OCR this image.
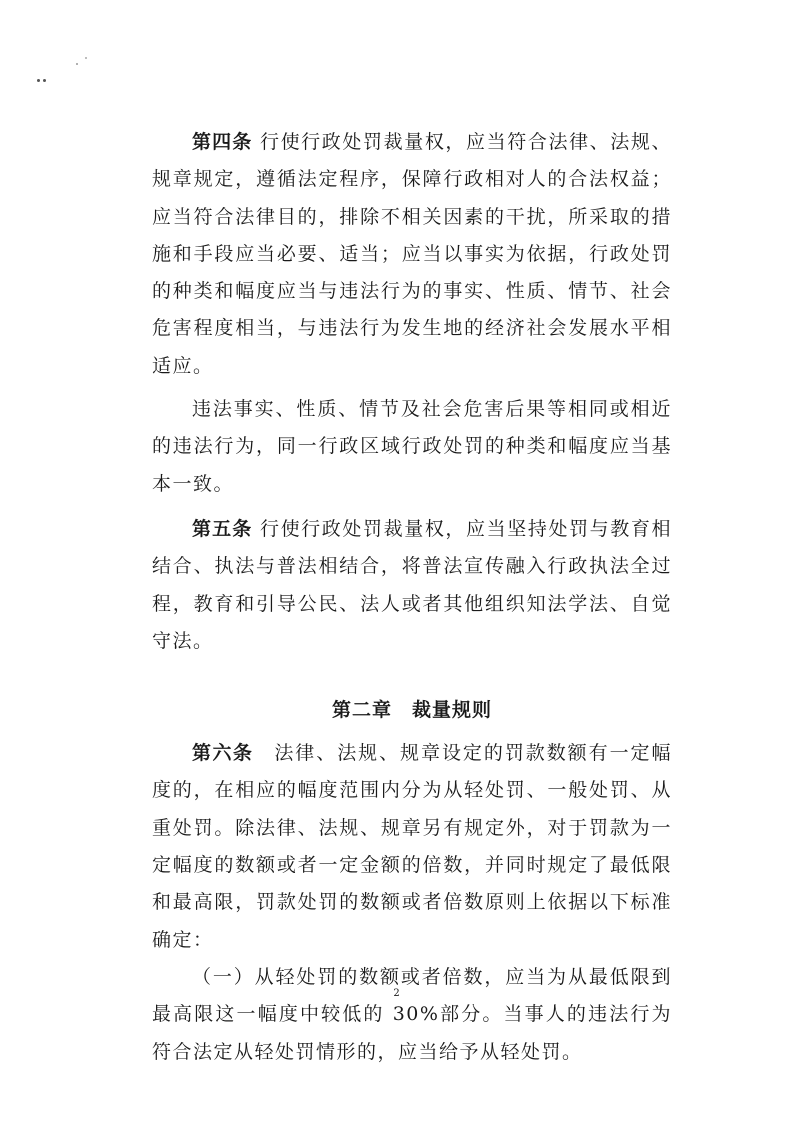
第四条 行使行政处罚裁量权，应当符合法律、法规、规章规定，遵循法定程序，保障行政相对人的合法权益；应当符合法律目的，排除不相关因素的干扰，所采取的措施和手段应当必要、适当；应当以事实为依据，行政处罚的种类和幅度应当与违法行为的事实、性质、情节、社会危害程度相当，与违法行为发生地的经济社会发展水平相适应。

违法事实、性质、情节及社会危害后果等相同或相近的违法行为，同一行政区域行政处罚的种类和幅度应当基本一致。

第五条 行使行政处罚裁量权，应当坚持处罚与教育相结合、执法与普法相结合，将普法宣传融入行政执法全过程，教育和引导公民、法人或者其他组织知法学法、自觉守法。

第二章　裁量规则

第六条　法律、法规、规章设定的罚款数额有一定幅度的，在相应的幅度范围内分为从轻处罚、一般处罚、从重处罚。除法律、法规、规章另有规定外，对于罚款为一定幅度的数额或者一定金额的倍数，并同时规定了最低限和最高限，罚款处罚的数额或者倍数原则上依据以下标准确定：

（一）从轻处罚的数额或者倍数，应当为从最低限到最高限这一幅度中较低的 30%部分。当事人的违法行为符合法定从轻处罚情形的，应当给予从轻处罚。

2
